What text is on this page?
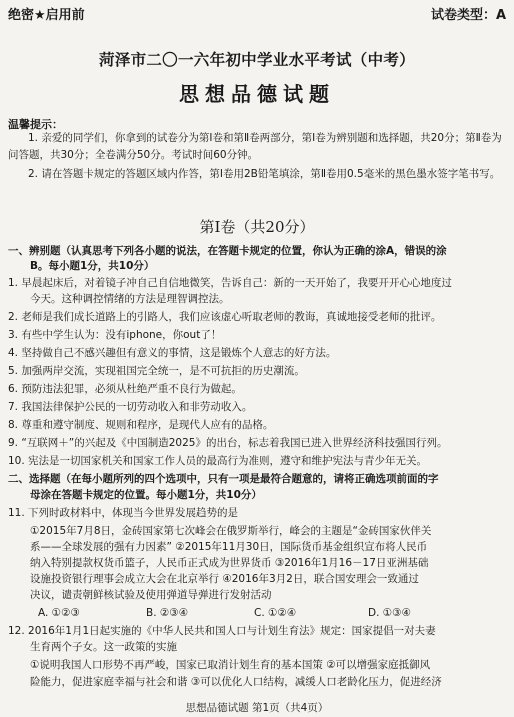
绝密★启用前	试卷类型：A
菏泽市二〇一六年初中学业水平考试（中考）
思想品德试题
温馨提示：
1. 亲爱的同学们，你拿到的试卷分为第Ⅰ卷和第Ⅱ卷两部分，第Ⅰ卷为辨别题和选择题，共20分；第Ⅱ卷为问答题，共30分；全卷满分50分。考试时间60分钟。
2. 请在答题卡规定的答题区域内作答，第Ⅰ卷用2B铅笔填涂，第Ⅱ卷用0.5毫米的黑色墨水签字笔书写。
第Ⅰ卷（共20分）
一、辨别题（认真思考下列各小题的说法，在答题卡规定的位置，你认为正确的涂A，错误的涂
B。每小题1分，共10分）
1. 早晨起床后，对着镜子冲自己自信地微笑，告诉自己：新的一天开始了，我要开开心心地度过
今天。这种调控情绪的方法是理智调控法。
2. 老师是我们成长道路上的引路人，我们应该虚心听取老师的教诲，真诚地接受老师的批评。
3. 有些中学生认为：没有iphone，你out了！
4. 坚持做自己不感兴趣但有意义的事情，这是锻炼个人意志的好方法。
5. 加强两岸交流，实现祖国完全统一，是不可抗拒的历史潮流。
6. 预防违法犯罪，必须从杜绝严重不良行为做起。
7. 我国法律保护公民的一切劳动收入和非劳动收入。
8. 尊重和遵守制度、规则和程序，是现代人应有的品格。
9. “互联网＋”的兴起及《中国制造2025》的出台，标志着我国已进入世界经济科技强国行列。
10. 宪法是一切国家机关和国家工作人员的最高行为准则，遵守和维护宪法与青少年无关。
二、选择题（在每小题所列的四个选项中，只有一项是最符合题意的，请将正确选项前面的字
母涂在答题卡规定的位置。每小题1分，共10分）
11. 下列时政材料中，体现当今世界发展趋势的是
①2015年7月8日，金砖国家第七次峰会在俄罗斯举行，峰会的主题是“金砖国家伙伴关
系——全球发展的强有力因素” ②2015年11月30日，国际货币基金组织宣布将人民币
纳入特别提款权货币篮子，人民币正式成为世界货币 ③2016年1月16－17日亚洲基础
设施投资银行理事会成立大会在北京举行 ④2016年3月2日，联合国安理会一致通过
决议，谴责朝鲜核试验及使用弹道导弹进行发射活动
A. ①②③	B. ②③④	C. ①②④	D. ①③④
12. 2016年1月1日起实施的《中华人民共和国人口与计划生育法》规定：国家提倡一对夫妻
生育两个子女。这一政策的实施
①说明我国人口形势不再严峻，国家已取消计划生育的基本国策 ②可以增强家庭抵御风
险能力，促进家庭幸福与社会和谐 ③可以优化人口结构，减缓人口老龄化压力，促进经济
思想品德试题 第1页（共4页）
